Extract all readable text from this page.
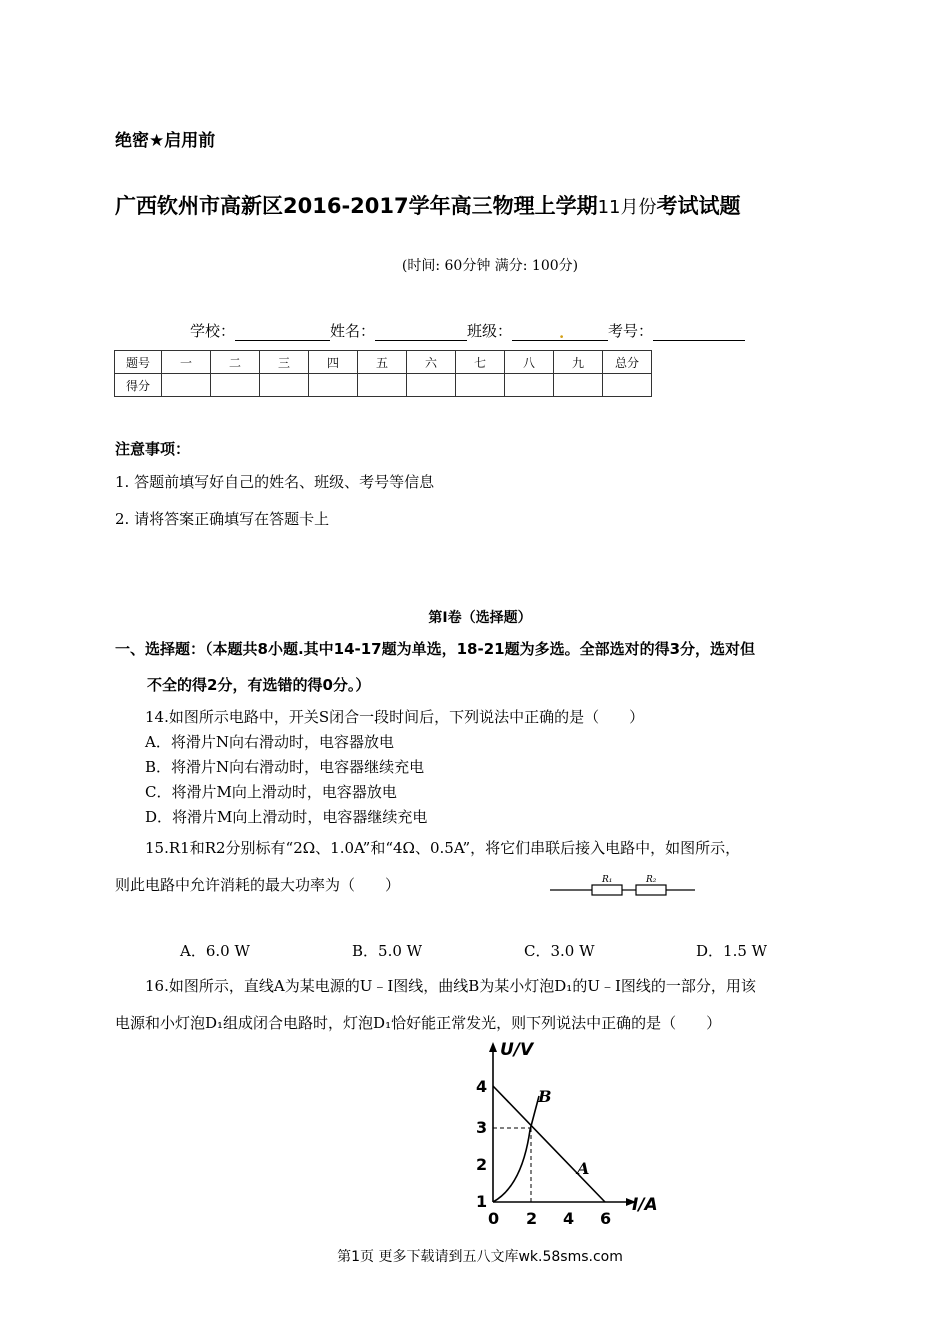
绝密★启用前
广西钦州市高新区2016-2017学年高三物理上学期11月份考试试题
(时间: 60分钟 满分: 100分)
学校：	姓名：	班级：	.	考号：
题号	一	二	三	四	五	六	七	八	九	总分
得分										
注意事项：
1. 答题前填写好自己的姓名、班级、考号等信息
2. 请将答案正确填写在答题卡上
第Ⅰ卷（选择题）
一、选择题：（本题共8小题.其中14-17题为单选，18-21题为多选。全部选对的得3分，选对但
不全的得2分，有选错的得0分。）
14.如图所示电路中，开关S闭合一段时间后，下列说法中正确的是（　　）
A．将滑片N向右滑动时，电容器放电
B．将滑片N向右滑动时，电容器继续充电
C．将滑片M向上滑动时，电容器放电
D．将滑片M向上滑动时，电容器继续充电
15.R1和R2分别标有“2Ω、1.0A”和“4Ω、0.5A”，将它们串联后接入电路中，如图所示，
则此电路中允许消耗的最大功率为（　　）	R₁	R₂
A．6.0 W	B．5.0 W	C．3.0 W	D．1.5 W
16.如图所示，直线A为某电源的U﹣I图线，曲线B为某小灯泡D₁的U﹣I图线的一部分，用该
电源和小灯泡D₁组成闭合电路时，灯泡D₁恰好能正常发光，则下列说法中正确的是（　　）
U/V
I/A
A
B
4
3
2
1
0 2 4 6
第1页 更多下载请到五八文库wk.58sms.com
